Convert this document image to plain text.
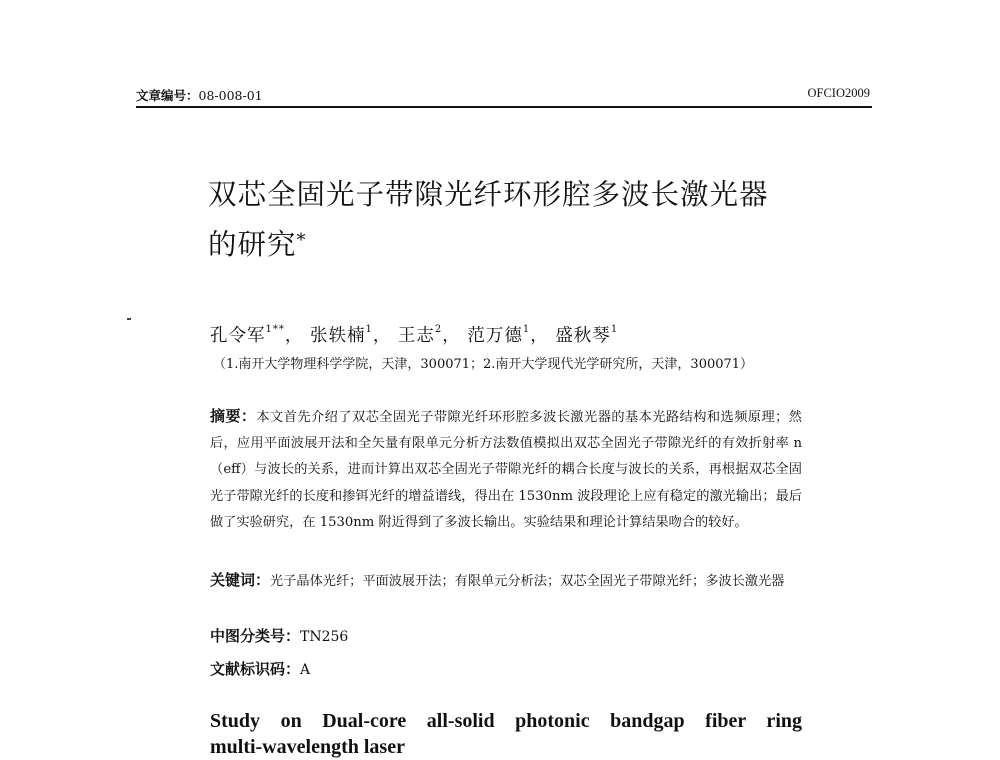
文章编号：08-008-01	OFCIO2009
双芯全固光子带隙光纤环形腔多波长激光器
的研究*
孔令军$^{1**}$， 张轶楠$^1$， 王志$^2$， 范万德$^1$， 盛秋琴$^1$
（1.南开大学物理科学学院，天津，300071；2.南开大学现代光学研究所，天津，300071）
摘要：本文首先介绍了双芯全固光子带隙光纤环形腔多波长激光器的基本光路结构和选频原理；然后，应用平面波展开法和全矢量有限单元分析方法数值模拟出双芯全固光子带隙光纤的有效折射率 n（eff）与波长的关系，进而计算出双芯全固光子带隙光纤的耦合长度与波长的关系，再根据双芯全固光子带隙光纤的长度和掺铒光纤的增益谱线，得出在 1530nm 波段理论上应有稳定的激光输出；最后做了实验研究，在 1530nm 附近得到了多波长输出。实验结果和理论计算结果吻合的较好。
关键词：光子晶体光纤；平面波展开法；有限单元分析法；双芯全固光子带隙光纤；多波长激光器
中图分类号：TN256
文献标识码：A
Study on Dual-core all-solid photonic bandgap fiber ring
multi-wavelength laser
